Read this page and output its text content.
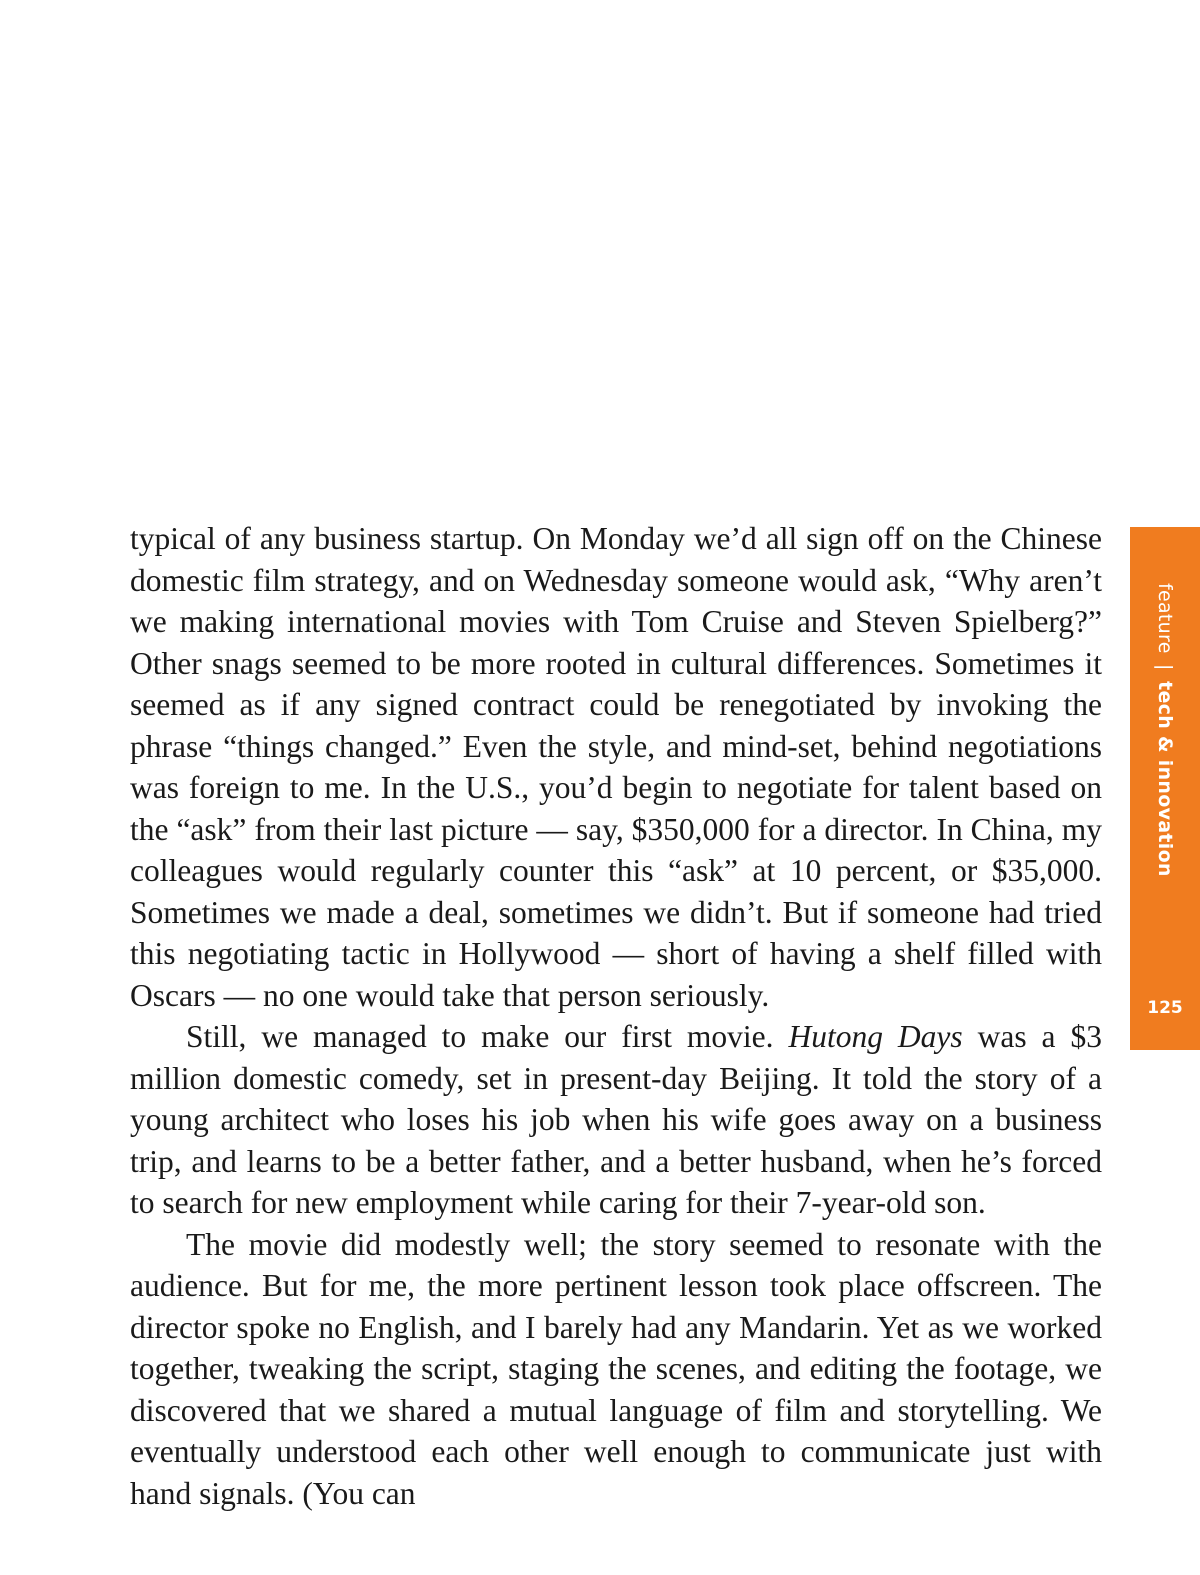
typical of any business startup. On Monday we’d all sign off on the Chinese domestic film strategy, and on Wednesday someone would ask, “Why aren’t we making international movies with Tom Cruise and Steven Spielberg?” Other snags seemed to be more rooted in cultural differences. Sometimes it seemed as if any signed contract could be renegotiated by invoking the phrase “things changed.” Even the style, and mind-set, behind negotiations was foreign to me. In the U.S., you’d begin to negotiate for talent based on the “ask” from their last picture — say, $350,000 for a director. In China, my colleagues would regularly counter this “ask” at 10 percent, or $35,000. Sometimes we made a deal, sometimes we didn’t. But if someone had tried this negotiating tactic in Hollywood — short of having a shelf filled with Oscars — no one would take that person seriously.

Still, we managed to make our first movie. Hutong Days was a $3 million domestic comedy, set in present-day Beijing. It told the story of a young architect who loses his job when his wife goes away on a business trip, and learns to be a better father, and a better husband, when he’s forced to search for new employment while caring for their 7-year-old son.

The movie did modestly well; the story seemed to resonate with the audience. But for me, the more pertinent lesson took place offscreen. The director spoke no English, and I barely had any Mandarin. Yet as we worked together, tweaking the script, staging the scenes, and editing the footage, we discovered that we shared a mutual language of film and storytelling. We eventually understood each other well enough to communicate just with hand signals. (You can

feature | tech & innovation
125
